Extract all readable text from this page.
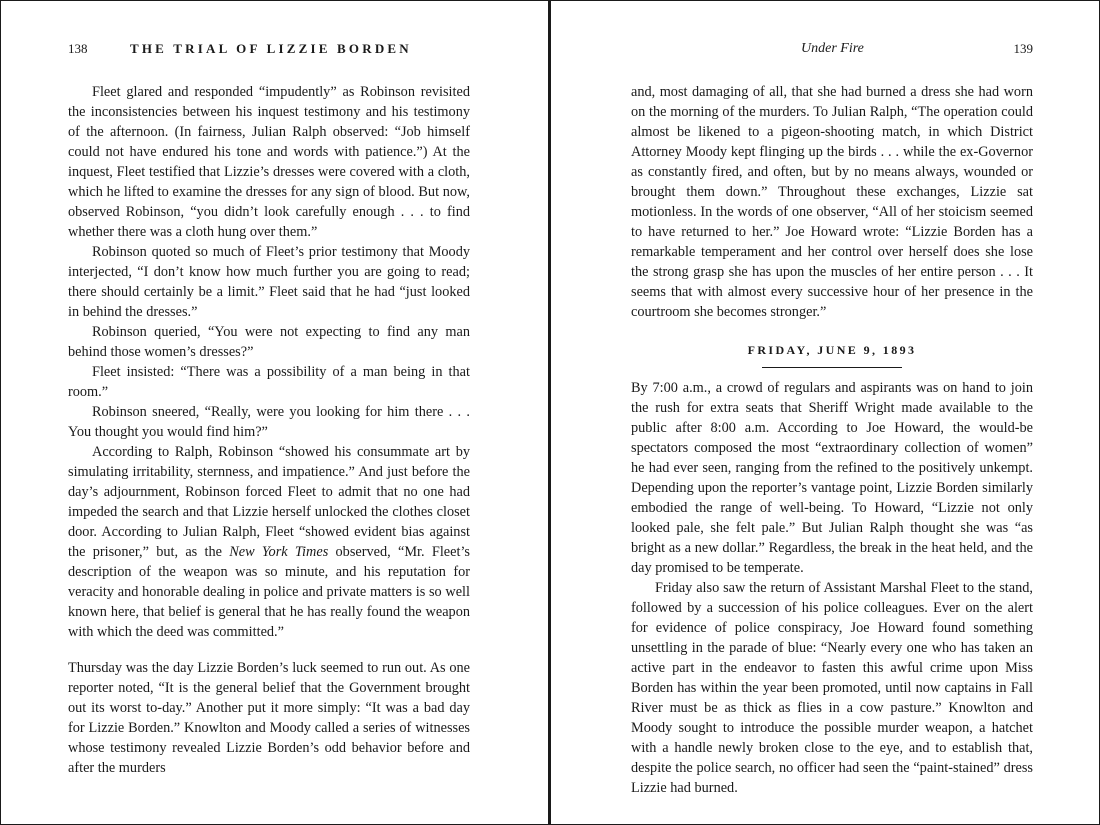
138	THE TRIAL OF LIZZIE BORDEN

Fleet glared and responded “impudently” as Robinson revisited the inconsistencies between his inquest testimony and his testimony of the afternoon. (In fairness, Julian Ralph observed: “Job himself could not have endured his tone and words with patience.”) At the inquest, Fleet testified that Lizzie’s dresses were covered with a cloth, which he lifted to examine the dresses for any sign of blood. But now, observed Robinson, “you didn’t look carefully enough . . . to find whether there was a cloth hung over them.”

Robinson quoted so much of Fleet’s prior testimony that Moody interjected, “I don’t know how much further you are going to read; there should certainly be a limit.” Fleet said that he had “just looked in behind the dresses.”

Robinson queried, “You were not expecting to find any man behind those women’s dresses?”

Fleet insisted: “There was a possibility of a man being in that room.”

Robinson sneered, “Really, were you looking for him there . . . You thought you would find him?”

According to Ralph, Robinson “showed his consummate art by simulating irritability, sternness, and impatience.” And just before the day’s adjournment, Robinson forced Fleet to admit that no one had impeded the search and that Lizzie herself unlocked the clothes closet door. According to Julian Ralph, Fleet “showed evident bias against the prisoner,” but, as the New York Times observed, “Mr. Fleet’s description of the weapon was so minute, and his reputation for veracity and honorable dealing in police and private matters is so well known here, that belief is general that he has really found the weapon with which the deed was committed.”

Thursday was the day Lizzie Borden’s luck seemed to run out. As one reporter noted, “It is the general belief that the Government brought out its worst to-day.” Another put it more simply: “It was a bad day for Lizzie Borden.” Knowlton and Moody called a series of witnesses whose testimony revealed Lizzie Borden’s odd behavior before and after the murders

Under Fire	139

and, most damaging of all, that she had burned a dress she had worn on the morning of the murders. To Julian Ralph, “The operation could almost be likened to a pigeon-shooting match, in which District Attorney Moody kept flinging up the birds . . . while the ex-Governor as constantly fired, and often, but by no means always, wounded or brought them down.” Throughout these exchanges, Lizzie sat motionless. In the words of one observer, “All of her stoicism seemed to have returned to her.” Joe Howard wrote: “Lizzie Borden has a remarkable temperament and her control over herself does she lose the strong grasp she has upon the muscles of her entire person . . . It seems that with almost every successive hour of her presence in the courtroom she becomes stronger.”

FRIDAY, JUNE 9, 1893

By 7:00 a.m., a crowd of regulars and aspirants was on hand to join the rush for extra seats that Sheriff Wright made available to the public after 8:00 a.m. According to Joe Howard, the would-be spectators composed the most “extraordinary collection of women” he had ever seen, ranging from the refined to the positively unkempt. Depending upon the reporter’s vantage point, Lizzie Borden similarly embodied the range of well-being. To Howard, “Lizzie not only looked pale, she felt pale.” But Julian Ralph thought she was “as bright as a new dollar.” Regardless, the break in the heat held, and the day promised to be temperate.

Friday also saw the return of Assistant Marshal Fleet to the stand, followed by a succession of his police colleagues. Ever on the alert for evidence of police conspiracy, Joe Howard found something unsettling in the parade of blue: “Nearly every one who has taken an active part in the endeavor to fasten this awful crime upon Miss Borden has within the year been promoted, until now captains in Fall River must be as thick as flies in a cow pasture.” Knowlton and Moody sought to introduce the possible murder weapon, a hatchet with a handle newly broken close to the eye, and to establish that, despite the police search, no officer had seen the “paint-stained” dress Lizzie had burned.
